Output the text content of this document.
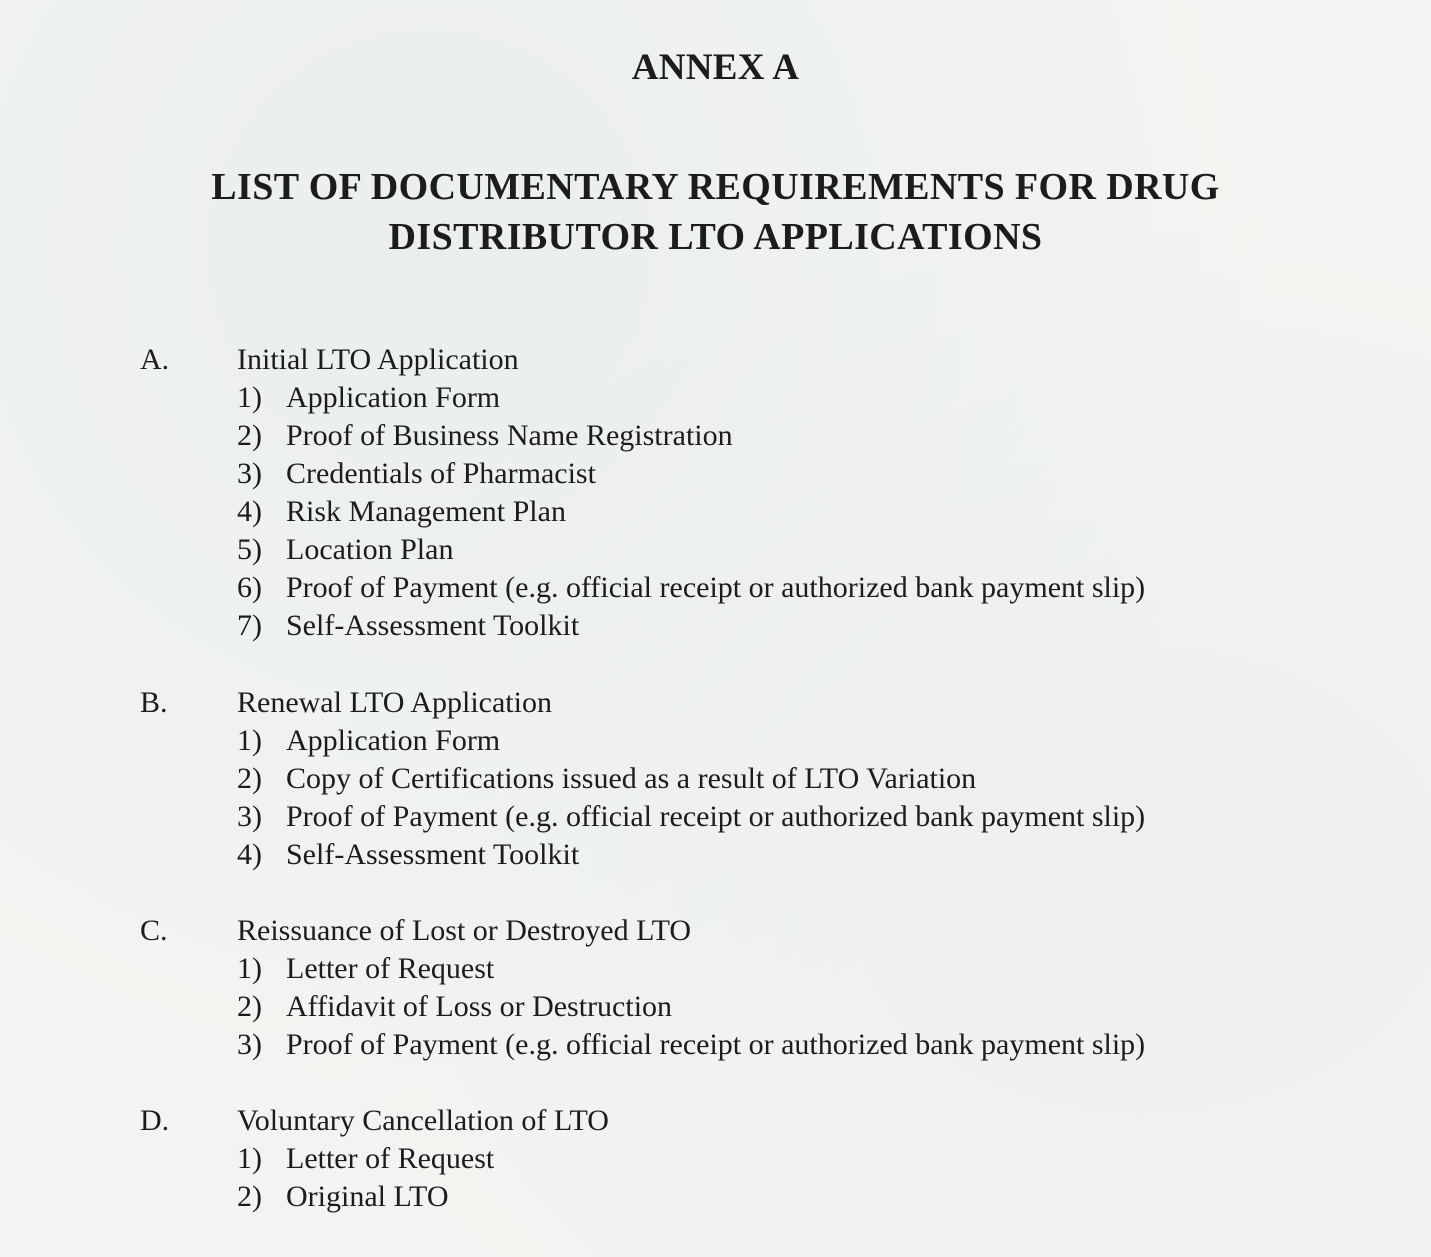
ANNEX A
LIST OF DOCUMENTARY REQUIREMENTS FOR DRUG
DISTRIBUTOR LTO APPLICATIONS
A. Initial LTO Application
1) Application Form
2) Proof of Business Name Registration
3) Credentials of Pharmacist
4) Risk Management Plan
5) Location Plan
6) Proof of Payment (e.g. official receipt or authorized bank payment slip)
7) Self-Assessment Toolkit
B. Renewal LTO Application
1) Application Form
2) Copy of Certifications issued as a result of LTO Variation
3) Proof of Payment (e.g. official receipt or authorized bank payment slip)
4) Self-Assessment Toolkit
C. Reissuance of Lost or Destroyed LTO
1) Letter of Request
2) Affidavit of Loss or Destruction
3) Proof of Payment (e.g. official receipt or authorized bank payment slip)
D. Voluntary Cancellation of LTO
1) Letter of Request
2) Original LTO
